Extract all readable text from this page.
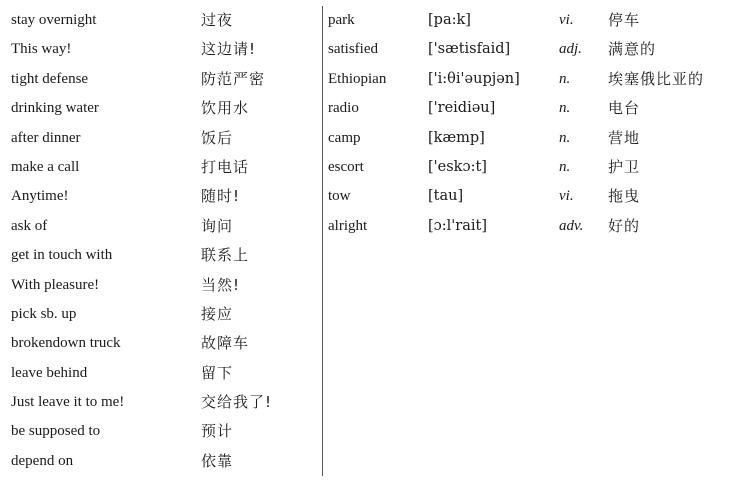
stay overnight	过夜
This way!	这边请!
tight defense	防范严密
drinking water	饮用水
after dinner	饭后
make a call	打电话
Anytime!	随时!
ask of	询问
get in touch with	联系上
With pleasure!	当然!
pick sb. up	接应
brokendown truck	故障车
leave behind	留下
Just leave it to me!	交给我了!
be supposed to	预计
depend on	依靠
park	[pa:k]	vi. 停车
satisfied	['sætisfaid]	adj. 满意的
Ethiopian	['i:θi'əupjən]	n.	埃塞俄比亚的
radio	['reidiəu]	n.	电台
camp	[kæmp]	n.	营地
escort	['eskɔ:t]	n.	护卫
tow	[tau]	vi. 拖曳
alright	[ɔ:l'rait]	adv. 好的
